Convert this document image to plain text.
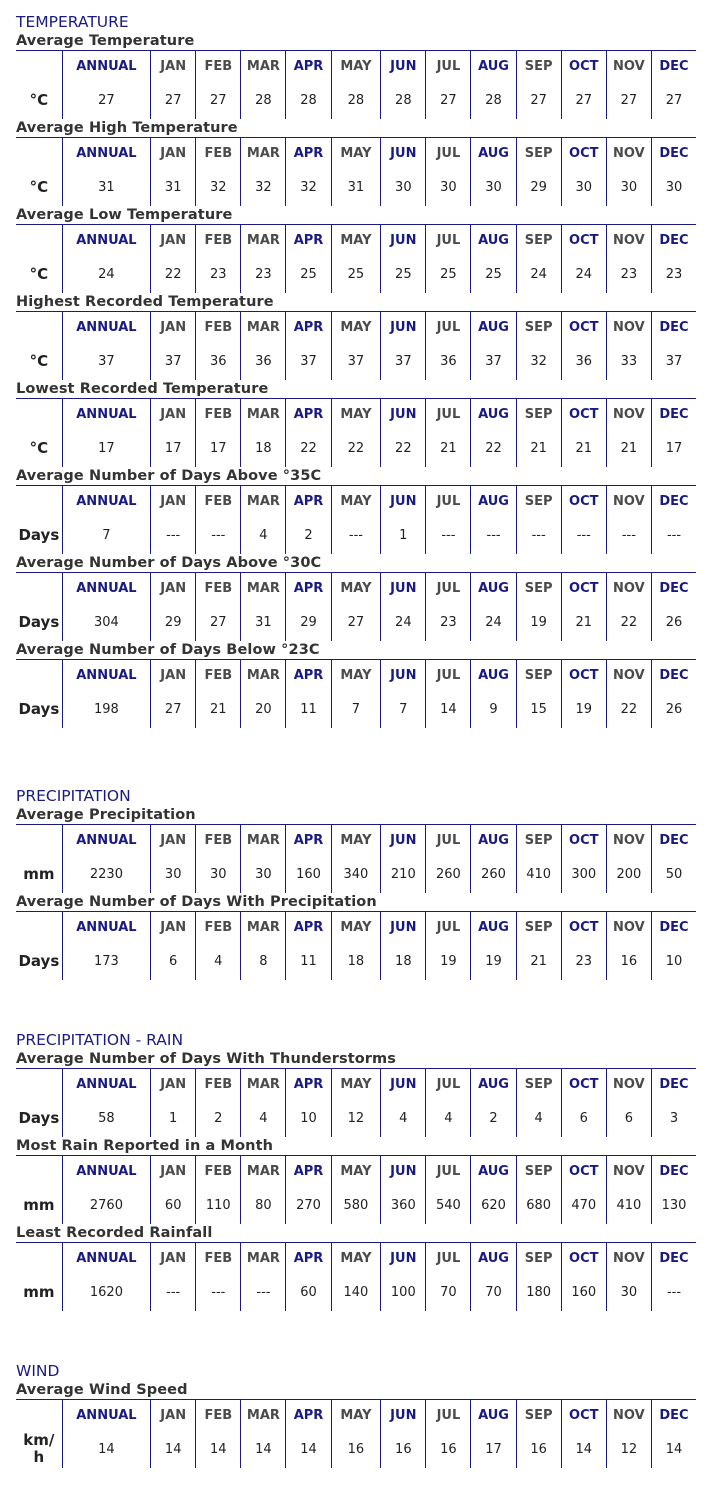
TEMPERATURE
Average Temperature
°C
ANNUAL
27
JAN
27
FEB
27
MAR
28
APR
28
MAY
28
JUN
28
JUL
27
AUG
28
SEP
27
OCT
27
NOV
27
DEC
27
Average High Temperature
°C
ANNUAL
31
JAN
31
FEB
32
MAR
32
APR
32
MAY
31
JUN
30
JUL
30
AUG
30
SEP
29
OCT
30
NOV
30
DEC
30
Average Low Temperature
°C
ANNUAL
24
JAN
22
FEB
23
MAR
23
APR
25
MAY
25
JUN
25
JUL
25
AUG
25
SEP
24
OCT
24
NOV
23
DEC
23
Highest Recorded Temperature
°C
ANNUAL
37
JAN
37
FEB
36
MAR
36
APR
37
MAY
37
JUN
37
JUL
36
AUG
37
SEP
32
OCT
36
NOV
33
DEC
37
Lowest Recorded Temperature
°C
ANNUAL
17
JAN
17
FEB
17
MAR
18
APR
22
MAY
22
JUN
22
JUL
21
AUG
22
SEP
21
OCT
21
NOV
21
DEC
17
Average Number of Days Above °35C
Days
ANNUAL
7
JAN
---
FEB
---
MAR
4
APR
2
MAY
---
JUN
1
JUL
---
AUG
---
SEP
---
OCT
---
NOV
---
DEC
---
Average Number of Days Above °30C
Days
ANNUAL
304
JAN
29
FEB
27
MAR
31
APR
29
MAY
27
JUN
24
JUL
23
AUG
24
SEP
19
OCT
21
NOV
22
DEC
26
Average Number of Days Below °23C
Days
ANNUAL
198
JAN
27
FEB
21
MAR
20
APR
11
MAY
7
JUN
7
JUL
14
AUG
9
SEP
15
OCT
19
NOV
22
DEC
26
PRECIPITATION
Average Precipitation
mm
ANNUAL
2230
JAN
30
FEB
30
MAR
30
APR
160
MAY
340
JUN
210
JUL
260
AUG
260
SEP
410
OCT
300
NOV
200
DEC
50
Average Number of Days With Precipitation
Days
ANNUAL
173
JAN
6
FEB
4
MAR
8
APR
11
MAY
18
JUN
18
JUL
19
AUG
19
SEP
21
OCT
23
NOV
16
DEC
10
PRECIPITATION - RAIN
Average Number of Days With Thunderstorms
Days
ANNUAL
58
JAN
1
FEB
2
MAR
4
APR
10
MAY
12
JUN
4
JUL
4
AUG
2
SEP
4
OCT
6
NOV
6
DEC
3
Most Rain Reported in a Month
mm
ANNUAL
2760
JAN
60
FEB
110
MAR
80
APR
270
MAY
580
JUN
360
JUL
540
AUG
620
SEP
680
OCT
470
NOV
410
DEC
130
Least Recorded Rainfall
mm
ANNUAL
1620
JAN
---
FEB
---
MAR
---
APR
60
MAY
140
JUN
100
JUL
70
AUG
70
SEP
180
OCT
160
NOV
30
DEC
---
WIND
Average Wind Speed
km/
h
ANNUAL
14
JAN
14
FEB
14
MAR
14
APR
14
MAY
16
JUN
16
JUL
16
AUG
17
SEP
16
OCT
14
NOV
12
DEC
14
